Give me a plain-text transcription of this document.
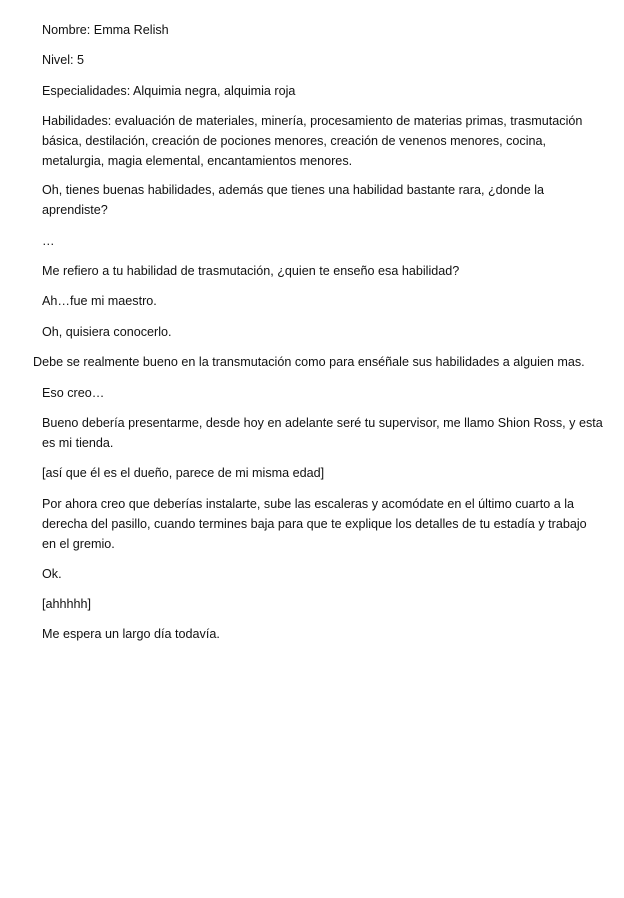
Nombre: Emma Relish

Nivel: 5

Especialidades: Alquimia negra, alquimia roja

Habilidades: evaluación de materiales, minería, procesamiento de materias primas, trasmutación básica, destilación, creación de pociones menores, creación de venenos menores, cocina, metalurgia, magia elemental, encantamientos menores.

Oh, tienes buenas habilidades, además que tienes una habilidad bastante rara, ¿donde la aprendiste?

…

Me refiero a tu habilidad de trasmutación, ¿quien te enseño esa habilidad?

Ah…fue mi maestro.

Oh, quisiera conocerlo.

Debe se realmente bueno en la transmutación como para enséñale sus habilidades a alguien mas.

Eso creo…

Bueno debería presentarme, desde hoy en adelante seré tu supervisor, me llamo Shion Ross, y esta es mi tienda.

[así que él es el dueño, parece de mi misma edad]

Por ahora creo que deberías instalarte, sube las escaleras y acomódate en el último cuarto a la derecha del pasillo, cuando termines baja para que te explique los detalles de tu estadía y trabajo en el gremio.

Ok.

[ahhhhh]

Me espera un largo día todavía.
